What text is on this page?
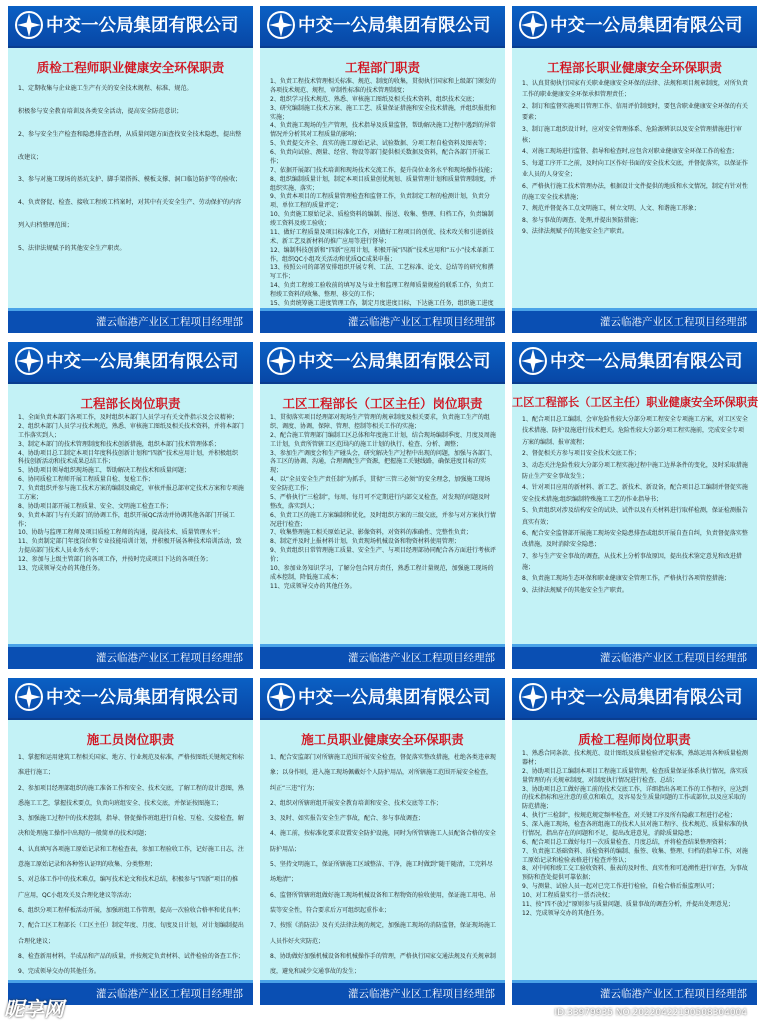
中交一公局集团有限公司
质检工程师职业健康安全环保职责

1、定期收集与企业施工生产有关的安全技术规程、标准、规范。

积极参与安全教育培训及各类安全活动，提高安全防范意识；

2、参与安全生产检查和隐患排查治理，从质量问题方面查找安全技术隐患，提出整改建议；

3、参与对施工现场的基坑支护、脚手架搭拆、模板支撑、洞口临边防护等的验收；

4、负责督促、检查、接收工程竣工档案时，对其中有关安全生产、劳动保护的内容列入归档整理范围；

5、法律法规赋予的其他安全生产职责。

灌云临港产业区工程项目经理部
中交一公局集团有限公司
工程部门职责

1、负责工程技术管理相关标准、规范、制度的收集，贯彻执行国家和上级部门颁发的各项技术规范、规程，审制性标准的技术管理制度；

2、组织学习技术规范、熟悉、审核施工图纸及相关技术资料，组织技术交底；

3、研究编制施工技术方案、施工工艺、质量保证措施和安全技术措施，并组织报批和实施；

4、负责施工现场的生产管理，技术指导及质量监督，帮助解决施工过程中遇到的异常情况并分析其对工程质量的影响；

5、负责提交齐全、真实的施工原始记录、试验数据、分项工程自检资料及图表等；

6、负责向试验、测量、经营、物设等部门提供相关数据及资料，配合各部门开展工作；

7、依据开展部门技术培训和现场技术交流工作，提升岗位业务水平和现场操作技能；

8、组织编制质量计划，制定本项目质量创优规划、质量管理计划和质量管理制度，并组织实施、落实；

9、负责本项目的工程质量管理检查和监督工作，负责制定工程的检测计划，负责分项、单位工程的质量评定；

10、负责施工原始记录、质检资料的编制、报送、收集、整理、归档工作，负责编制竣工资料及竣工验收；

11、做好工程质量及项目标准化工作，对做好工程项目的创优、技术攻关和引进新技术、新工艺及新材料的推广应用等进行督导；

12、编制科技创新和“四新”应用计划，积极开展“四新”技术应用和“五小”技术革新工作，组织QC小组攻关活动和优质QC成果申报；

13、按照公司的部署安排组织开展专利、工法、工艺标准、论文、总结等的研究和撰写工作；

14、负责工程竣工验收前的填写及与业主和监理工程师质量规检的联系工作，负责工程竣工资料的收集、整理、移交的工作；

15、负责统筹施工进度管理工作，制定月度进度目标，下达施工任务，组织施工进度

灌云临港产业区工程项目经理部
中交一公局集团有限公司
工程部长职业健康安全环保职责

1、认真贯彻执行国家有关职业健康安全环保的法律、法规和项目规章制度，对所负责工作的职业健康安全环保承担管理责任；

2、制订和监督实施项目管理工作、信用评价制度时，要包含职业健康安全环保的有关要素；

3、制订施工组织设计时，应对安全管理体系、危险源辨识以及安全管理措施进行审核；

4、对施工现场进行监督、指导和检查时,应包含对职业健康安全环保工作的检查；

5、每道工序开工之前，及时向工区作好书面的安全技术交底，并督促落实，以保证作业人员的人身安全；

6、严格执行施工技术管理办法，根据设计文件提供的地质和水文情况，制定有针对性的施工安全技术措施；

7、规范并督促各工点文明施工，树立文明、人文、和谐施工形象；

8、参与事故的调查、处理,并提出预防措施；

9、法律法规赋予的其他安全生产职责。

灌云临港产业区工程项目经理部
中交一公局集团有限公司
工程部长岗位职责

1、全面负责本部门各项工作，及时组织本部门人员学习有关文件指示及会议精神；

2、组织本部门人员学习技术规范，熟悉、审核施工图纸及相关技术资料，并将本部门工作落实到人；

3、制定本部门的技术管理制度和技术创新措施，组织本部门技术管理体系；

4、协助项目总工制定本项目年度科技创新计划和“四新”技术应用计划，并积极组织科技创新活动和技术成果总结工作；

5、协助项目领导组织现场施工，帮助解决工程技术和质量问题；

6、协同质检工程师开展工程质量自检、复检工作；

7、负责组织并参与施工技术方案的编制及确定，审核并报总部审定技术方案和专项施工方案；

8、协助项目部开展工程质量、安全、文明施工检查工作；

9、负责本部门与有关部门的协调工作，组织开展QC活动并协调其他各部门开展工作；

10、协助与监理工程师及项目质检工程师的沟通，提高技术、质量管理水平；

11、负责制定部门年度岗位和专业技能培训计划，并积极开展各种技术培训活动，致力提高部门技术人员业务水平；

12、参加与上级主管部门的各项工作，并按时完成项目下达的各项任务；

13、完成领导交办的其他任务。

灌云临港产业区工程项目经理部
中交一公局集团有限公司
工区工程部长（工区主任）岗位职责

1、贯彻落实项目经理部对现场生产管理的规章制度及相关要求，负责施工生产的组织、调度、协调，保障、管理、控制等相关工作的实施；

2、配合施工管理部门编制工区总体和年度施工计划，结合现场编制季度、月度及周施工计划，负责所管辖工区范围内的施工计划的执行、检查、分析、调整；

3、参加生产调度会和生产碰头会，研究解决生产过程中出现的问题，加强与各部门、各工区的协调、沟通，合理调配生产资源，把握施工关键线路，确保进度目标的实现；

4、以“全员安全生产责任制”为抓手，贯彻“三管三必须”的安全理念，加强施工现场安全防范工作；

5、严格执行“三检制”，每周、每月可不定期进行内部交叉检查，对发现的问题及时整改，落实到人；

6、负责工区的施工方案编制和优化，及时组织方案的三级交底，并参与对方案执行情况进行检查；

7、收集整理施工相关原始记录、影像资料，对资料的准确性、完整性负责；

8、制定并及时上报材料计划，负责现场机械设备和物资材料使用管理；

9、负责组织日常管理施工质量、安全生产、与项目经理部协同配合各方面进行考核评价；

10、参加业务知识学习，了解分包合同方责任，熟悉工程计量规范，加强施工现场的成本控制，降低施工成本；

11、完成领导交办的其他任务。

灌云临港产业区工程项目经理部
中交一公局集团有限公司
工区工程部长（工区主任）职业健康安全环保职责

1、配合项目总工编制、会审危险性较大分部分项工程安全专项施工方案，对工区安全技术措施、防护设施进行技术把关。危险性较大分部分项工程实施前，完成安全专项方案的编制、报审流程；

2、督促相关方参与项目安全技术交底工作；

3、动态关注危险性较大分部分项工程实施过程中施工边界条件的变化，及时采取措施防止生产安全事故发生；

4、针对项目应用的新材料、新工艺、新技术、新设备，配合项目总工编制并督促实施安全技术措施;组织编制特殊施工工艺的作业指导书；

5、负责组织对涉及结构安全的试块、试件以及有关材料进行取样检测，保证检测报告真实有效；

6、配合安全监督部开展施工现场安全隐患排查或组织开展自查自纠，负责督促落实整改措施，及时消除安全隐患；

7、参与生产安全事故的调查，从技术上分析事故原因，提出技术鉴定意见和改进措施；

8、负责施工现场生态环保和职业健康安全管理工作，严格执行各项管控措施；

9、法律法规赋予的其他安全生产职责。

灌云临港产业区工程项目经理部
中交一公局集团有限公司
施工员岗位职责

1、掌握和运用建筑工程相关国家、地方、行业规范及标准，严格按图纸关键规定和标准进行施工；

2、参加项目经理部组织的施工准备工作和安全、技术交底，了解工程的设计意图，熟悉施工工艺，掌握技术要点，负责向班组安全、技术交底，并保证按图施工；

3、加强施工过程中的技术控制，指导、督促操作班组进行自检、互检、交接检查，解决和处理施工操作中出现的一般简单的技术问题；

4、认真填写各项施工原始记录和工程检查表，参加工程验收工作，记好施工日志，注意施工原始记录和各种签认证明的收集、分类整理；

5、对总体工作中的技术难点，编写技术论文和技术总结，积极参与“四新”项目的推广应用，QC小组攻关及合理化建议等活动；

6、组织分项工程样板活动开展，加强班组工作管理，提高一次验收合格率和优良率；

7、配合工区工程部长（工区主任）制定年度、月度、旬度及日计划，对计划编制提出合理化建议；

8、检查新用材料，半成品和产品的质量，并按规定负责材料、试件检验的备查工作；

9、完成领导交办的其他任务。

灌云临港产业区工程项目经理部
中交一公局集团有限公司
施工员职业健康安全环保职责

1、配合安监部门对所辖施工范围开展安全检查，督促落实整改措施，杜绝各类违章现象；以身作则，进入施工现场佩戴好个人防护用品，对所辖施工范围开展安全检查，纠正“三违”行为；

2、组织对所辖班组开展安全教育培训和安全、技术交底等工作；

3、及时、如实报告安全生产事故，配合、参与事故调查；

4、施工前，按标准化要求设置安全防护设施，同时为所管辖施工人员配备合格的安全防护用品；

5、坚持文明施工，保证所辖施工区域整洁、干净，施工时做到“随干随清，工完料尽场地清”；

6、监督所管辖班组做好施工现场机械设备和工程物资的验收使用，保证施工用电、吊装等安全性，符合要求后方可组织起重作业；

7、按照《消防法》及有关法律法规的规定，加强施工现场的消防监督，保证现场施工人员作好火灾防范；

8、协助做好加强机械设备和机械操作手的管理，严格执行国家交通法规及有关规章制度，避免和减少交通事故的发生；

灌云临港产业区工程项目经理部
中交一公局集团有限公司
质检工程师岗位职责

1、熟悉合同条款、技术规范、设计图纸及质量检验评定标准，熟练运用各种质量检测器材；

2、协助项目总工编制本项目工程施工质量管理，检查质量保证体系执行情况，落实质量管理的有关规章制度，对制度执行情况进行检查、总结；

3、协助项目总工做好施工前的技术交底工作，详细指出各项工作的工作程序，应达到的技术指标和应注意的重点和难点，及容易发生质量问题的工作或部位,以及应采取的防范措施；

4、执行“三检制”，按规范规定频率检查，对关键工序及所有隐蔽工程进行必检；

5、深入施工现场，检查各班组施工的技术人员对施工程序、技术规范、质量标准的执行情况，指出存在的问题和不足，提出改进意见，消除质量隐患；

6、配合项目总工做好每月一次质量检查、月度总结，并将检查结果整理资料；

7、负责施工基础资料、质检资料的编制、报签、收集、整理、归档的指导工作，对施工原始记录和检验表格进行检查并签认；

8、对中间和竣工交工验收资料、报表的及时性、真实性和可追溯性进行审查，为事故预防和查处提供可靠依据；

9、与测量、试验人员一起对已完工作进行检验，自检合格后报监理认可；

10、对工程质量实行一票否决权；

11、按“四不放过”原则参与质量问题、质量事故的调查分析，并提出处理意见；

12、完成领导交办的其他任务。

灌云临港产业区工程项目经理部
昵享网	ID:33979935 NO:20220422190508304004
